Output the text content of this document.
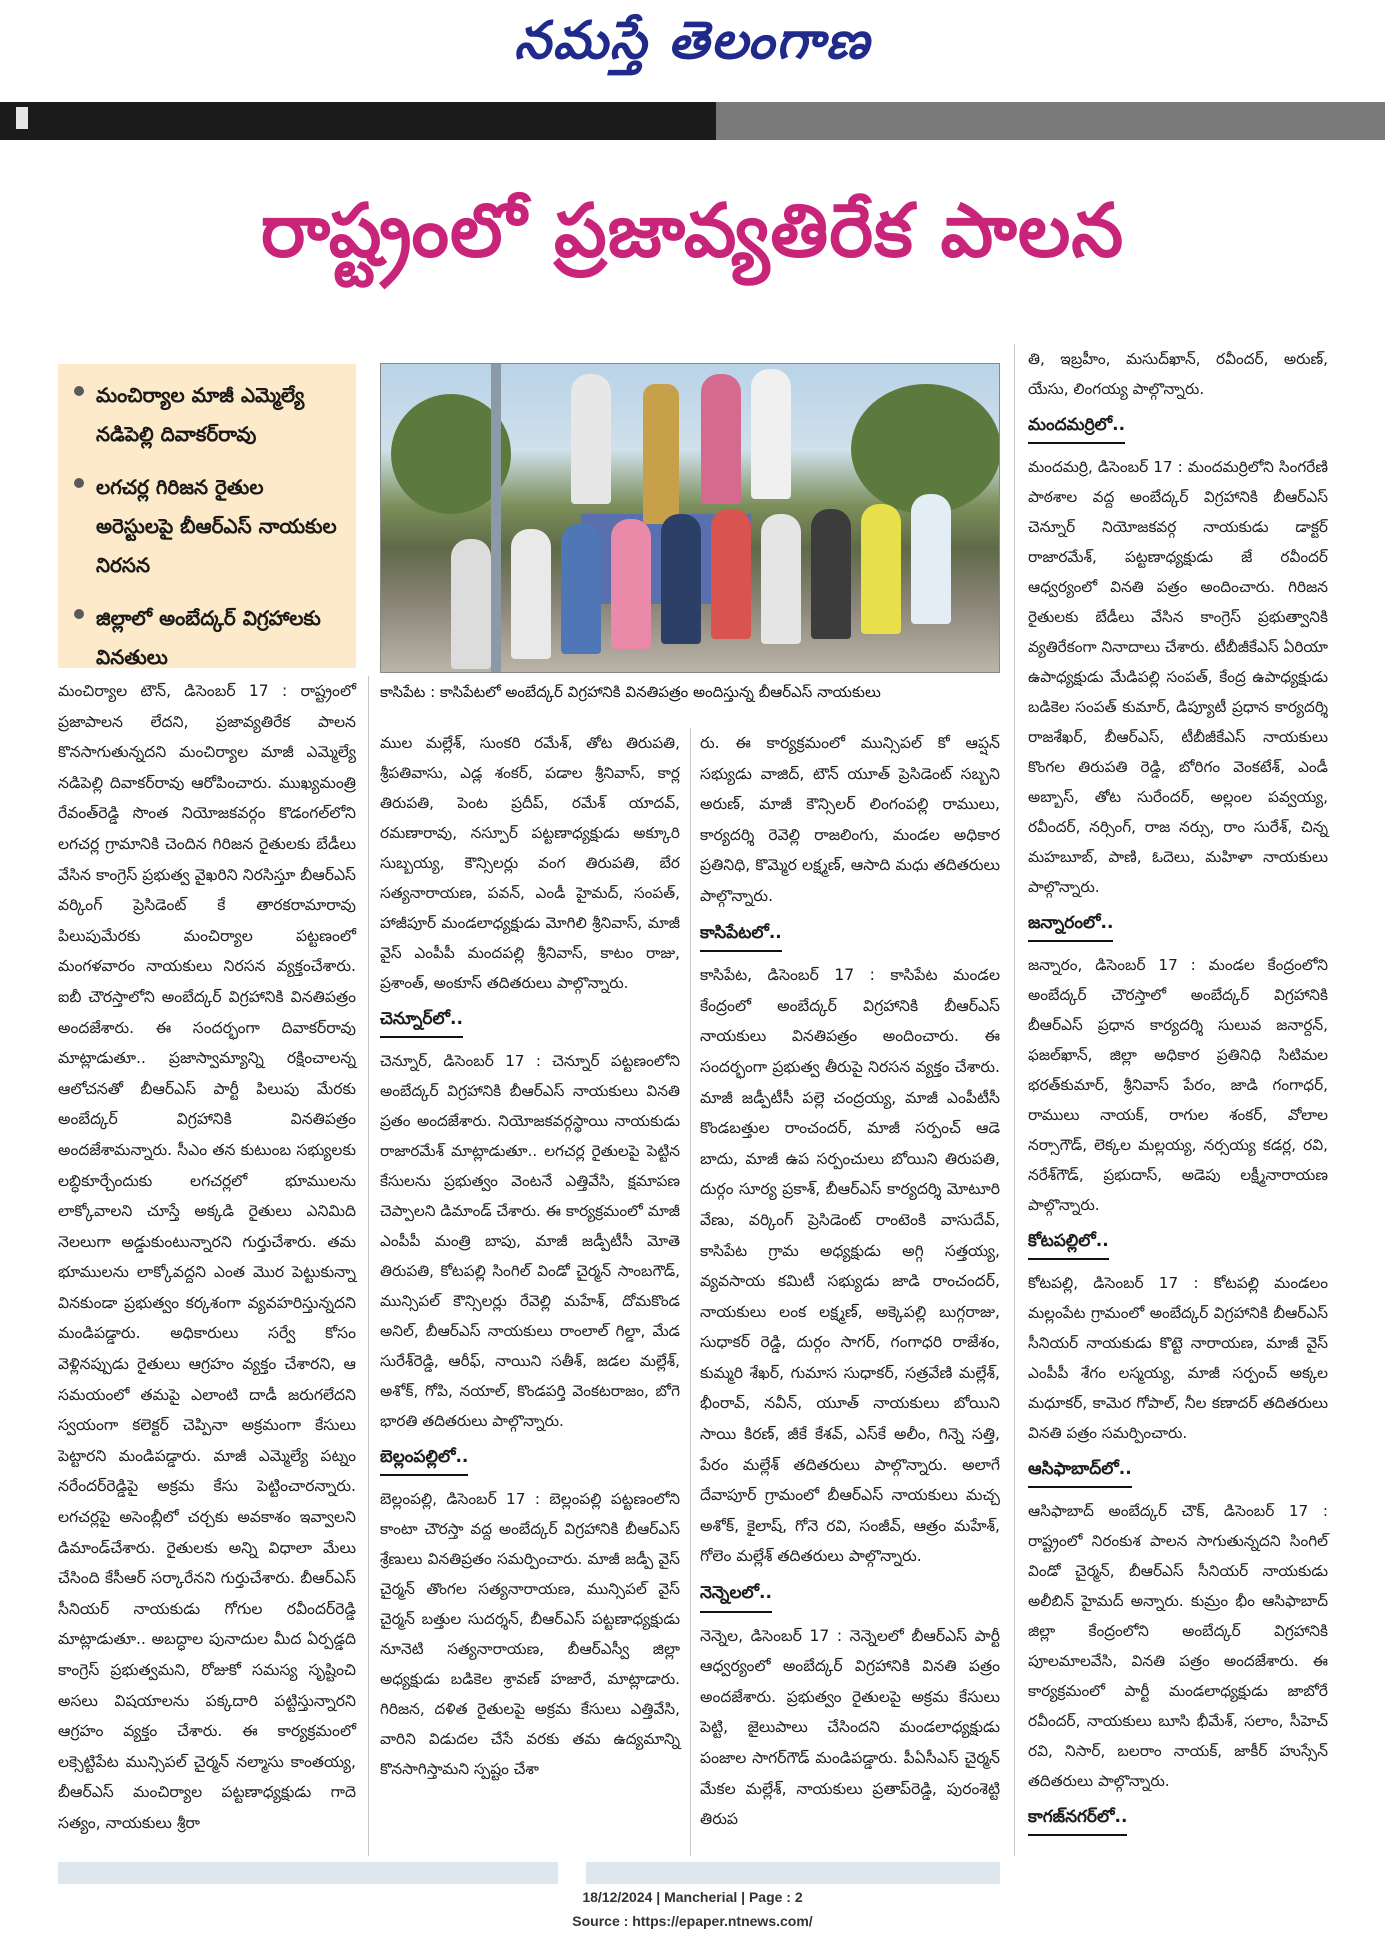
నమస్తే తెలంగాణ
రాష్ట్రంలో ప్రజావ్యతిరేక పాలన
మంచిర్యాల మాజీ ఎమ్మెల్యే నడిపెల్లి దివాకర్‌రావు
లగచర్ల గిరిజన రైతుల అరెస్టులపై బీఆర్‌ఎస్ నాయకుల నిరసన
జిల్లాలో అంబేద్కర్ విగ్రహాలకు వినతులు
కాసిపేట : కాసిపేటలో అంబేద్కర్ విగ్రహానికి వినతిపత్రం అందిస్తున్న బీఆర్‌ఎస్ నాయకులు

మంచిర్యాల టౌన్, డిసెంబర్ 17 : రాష్ట్రంలో ప్రజాపాలన లేదని, ప్రజావ్యతిరేక పాలన కొనసాగుతున్నదని మంచిర్యాల మాజీ ఎమ్మెల్యే నడిపెల్లి దివాకర్‌రావు ఆరోపించారు. ముఖ్యమంత్రి రేవంత్‌రెడ్డి సొంత నియోజకవర్గం కొడంగల్‌లోని లగచర్ల గ్రామానికి చెందిన గిరిజన రైతులకు బేడీలు వేసిన కాంగ్రెస్ ప్రభుత్వ వైఖరిని నిరసిస్తూ బీఆర్‌ఎస్ వర్కింగ్ ప్రెసిడెంట్ కే తారకరామారావు పిలుపుమేరకు మంచిర్యాల పట్టణంలో మంగళవారం నాయకులు నిరసన వ్యక్తంచేశారు. ఐబీ చౌరస్తాలోని అంబేద్కర్ విగ్రహానికి వినతిపత్రం అందజేశారు. ఈ సందర్భంగా దివాకర్‌రావు మాట్లాడుతూ.. ప్రజాస్వామ్యాన్ని రక్షించాలన్న ఆలోచనతో బీఆర్‌ఎస్ పార్టీ పిలుపు మేరకు అంబేద్కర్ విగ్రహానికి వినతిపత్రం అందజేశామన్నారు. సీఎం తన కుటుంబ సభ్యులకు లబ్ధికూర్చేందుకు లగచర్లలో భూములను లాక్కోవాలని చూస్తే అక్కడి రైతులు ఎనిమిది నెలలుగా అడ్డుకుంటున్నారని గుర్తుచేశారు. తమ భూములను లాక్కోవద్దని ఎంత మొర పెట్టుకున్నా వినకుండా ప్రభుత్వం కర్కశంగా వ్యవహరిస్తున్నదని మండిపడ్డారు. అధికారులు సర్వే కోసం వెళ్లినప్పుడు రైతులు ఆగ్రహం వ్యక్తం చేశారని, ఆ సమయంలో తమపై ఎలాంటి దాడీ జరుగలేదని స్వయంగా కలెక్టర్ చెప్పినా అక్రమంగా కేసులు పెట్టారని మండిపడ్డారు. మాజీ ఎమ్మెల్యే పట్నం నరేందర్‌రెడ్డిపై అక్రమ కేసు పెట్టించారన్నారు. లగచర్లపై అసెంబ్లీలో చర్చకు అవకాశం ఇవ్వాలని డిమాండ్‌చేశారు. రైతులకు అన్ని విధాలా మేలు చేసింది కేసీఆర్ సర్కారేనని గుర్తుచేశారు. బీఆర్‌ఎస్ సీనియర్ నాయకుడు గోగుల రవీందర్‌రెడ్డి మాట్లాడుతూ.. అబద్ధాల పునాదుల మీద ఏర్పడ్డది కాంగ్రెస్ ప్రభుత్వమని, రోజుకో సమస్య సృష్టించి అసలు విషయాలను పక్కదారి పట్టిస్తున్నారని ఆగ్రహం వ్యక్తం చేశారు. ఈ కార్యక్రమంలో లక్సెట్టిపేట మున్సిపల్ చైర్మన్ నల్మాసు కాంతయ్య, బీఆర్‌ఎస్ మంచిర్యాల పట్టణాధ్యక్షుడు గాదె సత్యం, నాయకులు శ్రీరా

ముల మల్లేశ్, సుంకరి రమేశ్, తోట తిరుపతి, శ్రీపతివాసు, ఎడ్ల శంకర్, పడాల శ్రీనివాస్, కార్ల తిరుపతి, పెంట ప్రదీప్, రమేశ్ యాదవ్, రమణారావు, నస్పూర్ పట్టణాధ్యక్షుడు అక్కూరి సుబ్బయ్య, కౌన్సిలర్లు వంగ తిరుపతి, బేర సత్యనారాయణ, పవన్, ఎండీ హైమద్, సంపత్, హాజీపూర్ మండలాధ్యక్షుడు మోగిలి శ్రీనివాస్, మాజీ వైస్ ఎంపీపీ మందపల్లి శ్రీనివాస్, కాటం రాజు, ప్రశాంత్, అంకూస్ తదితరులు పాల్గొన్నారు.

చెన్నూర్‌లో..

చెన్నూర్, డిసెంబర్ 17 : చెన్నూర్ పట్టణంలోని అంబేద్కర్ విగ్రహానికి బీఆర్‌ఎస్ నాయకులు వినతి ప్రతం అందజేశారు. నియోజకవర్గస్థాయి నాయకుడు రాజారమేశ్ మాట్లాడుతూ.. లగచర్ల రైతులపై పెట్టిన కేసులను ప్రభుత్వం వెంటనే ఎత్తివేసి, క్షమాపణ చెప్పాలని డిమాండ్ చేశారు. ఈ కార్యక్రమంలో మాజీ ఎంపీపీ మంత్రి బాపు, మాజీ జడ్పీటీసీ మోతె తిరుపతి, కోటపల్లి సింగిల్ విండో చైర్మన్ సాంబగౌడ్, మున్సిపల్ కౌన్సిలర్లు రేవెల్లి మహేశ్, దోమకొండ అనిల్, బీఆర్‌ఎస్ నాయకులు రాంలాల్ గిల్డా, మేడ సురేశ్‌రెడ్డి, ఆరీఫ్, నాయిని సతీశ్, జడల మల్లేశ్, అశోక్, గోపి, నయాల్, కొండపర్తి వెంకటరాజం, బోగె భారతి తదితరులు పాల్గొన్నారు.

బెల్లంపల్లిలో..

బెల్లంపల్లి, డిసెంబర్ 17 : బెల్లంపల్లి పట్టణంలోని కాంటా చౌరస్తా వద్ద అంబేద్కర్ విగ్రహానికి బీఆర్‌ఎస్ శ్రేణులు వినతిప్రతం సమర్పించారు. మాజీ జడ్పీ వైస్ చైర్మన్ తొంగల సత్యనారాయణ, మున్సిపల్ వైస్ చైర్మన్ బత్తుల సుదర్శన్, బీఆర్‌ఎస్ పట్టణాధ్యక్షుడు నూనెటి సత్యనారాయణ, బీఆర్‌ఎస్వీ జిల్లా అధ్యక్షుడు బడికెల శ్రావణ్ హజారే, మాట్లాడారు. గిరిజన, దళిత రైతులపై అక్రమ కేసులు ఎత్తివేసి, వారిని విడుదల చేసే వరకు తమ ఉద్యమాన్ని కొనసాగిస్తామని స్పష్టం చేశా

రు. ఈ కార్యక్రమంలో మున్సిపల్ కో ఆప్షన్ సభ్యుడు వాజిద్, టౌన్ యూత్ ప్రెసిడెంట్ సబ్బని అరుణ్, మాజీ కౌన్సిలర్ లింగంపల్లి రాములు, కార్యదర్శి రెవెల్లి రాజలింగు, మండల అధికార ప్రతినిధి, కొమ్మెర లక్ష్మణ్, ఆసాది మధు తదితరులు పాల్గొన్నారు.

కాసిపేటలో..

కాసిపేట, డిసెంబర్ 17 : కాసిపేట మండల కేంద్రంలో అంబేద్కర్ విగ్రహానికి బీఆర్‌ఎస్ నాయకులు వినతిపత్రం అందించారు. ఈ సందర్భంగా ప్రభుత్వ తీరుపై నిరసన వ్యక్తం చేశారు. మాజీ జడ్పీటీసీ పల్లె చంద్రయ్య, మాజీ ఎంపీటీసీ కొండబత్తుల రాంచందర్, మాజీ సర్పంచ్ ఆడె బాదు, మాజీ ఉప సర్పంచులు బోయిని తిరుపతి, దుర్గం సూర్య ప్రకాశ్, బీఆర్‌ఎస్ కార్యదర్శి మోటూరి వేణు, వర్కింగ్ ప్రెసిడెంట్ రాంటెంకి వాసుదేవ్, కాసిపేట గ్రామ అధ్యక్షుడు అగ్గి సత్తయ్య, వ్యవసాయ కమిటీ సభ్యుడు జాడి రాంచందర్, నాయకులు లంక లక్ష్మణ్, అక్కెపల్లి బుగ్గరాజు, సుధాకర్ రెడ్డి, దుర్గం సాగర్, గంగాధరి రాజేశం, కుమ్మరి శేఖర్, గుమాస సుధాకర్, సత్రవేణి మల్లేశ్, భీంరావ్, నవీన్, యూత్ నాయకులు బోయిని సాయి కిరణ్, జీకే కేశవ్, ఎస్‌కే అలీం, గిన్నె సత్తి, పేరం మల్లేశ్ తదితరులు పాల్గొన్నారు. అలాగే దేవాపూర్ గ్రామంలో బీఆర్‌ఎస్ నాయకులు మచ్చ అశోక్, కైలాష్, గోనె రవి, సంజీవ్, ఆత్రం మహేశ్, గోలెం మల్లేశ్ తదితరులు పాల్గొన్నారు.

నెన్నెలలో..

నెన్నెల, డిసెంబర్ 17 : నెన్నెలలో బీఆర్‌ఎస్ పార్టీ ఆధ్వర్యంలో అంబేద్కర్ విగ్రహానికి వినతి పత్రం అందజేశారు. ప్రభుత్వం రైతులపై అక్రమ కేసులు పెట్టి, జైలుపాలు చేసిందని మండలాధ్యక్షుడు పంజాల సాగర్‌గౌడ్ మండిపడ్డారు. పీఏసీఎస్ చైర్మన్ మేకల మల్లేశ్, నాయకులు ప్రతాప్‌రెడ్డి, పురంశెట్టి తిరుప

తి, ఇబ్రహీం, మసుద్‌ఖాన్, రవీందర్, అరుణ్, యేసు, లింగయ్య పాల్గొన్నారు.

మందమర్రిలో..

మందమర్రి, డిసెంబర్ 17 : మందమర్రిలోని సింగరేణి పాఠశాల వద్ద అంబేద్కర్ విగ్రహానికి బీఆర్‌ఎస్ చెన్నూర్ నియోజకవర్గ నాయకుడు డాక్టర్ రాజారమేశ్, పట్టణాధ్యక్షుడు జే రవీందర్ ఆధ్వర్యంలో వినతి పత్రం అందించారు. గిరిజన రైతులకు బేడీలు వేసిన కాంగ్రెస్ ప్రభుత్వానికి వ్యతిరేకంగా నినాదాలు చేశారు. టీబీజీకేఎస్ ఏరియా ఉపాధ్యక్షుడు మేడిపల్లి సంపత్, కేంద్ర ఉపాధ్యక్షుడు బడికెల సంపత్ కుమార్, డిప్యూటీ ప్రధాన కార్యదర్శి రాజశేఖర్, బీఆర్‌ఎస్, టీబీజీకేఎస్ నాయకులు కొంగల తిరుపతి రెడ్డి, బోరిగం వెంకటేశ్, ఎండీ అబ్బాస్, తోట సురేందర్, అల్లంల పవ్వయ్య, రవీందర్, నర్సింగ్, రాజ నర్సు, రాం సురేశ్, చిన్న మహబూబ్, పాణి, ఓదెలు, మహిళా నాయకులు పాల్గొన్నారు.

జన్నారంలో..

జన్నారం, డిసెంబర్ 17 : మండల కేంద్రంలోని అంబేద్కర్ చౌరస్తాలో అంబేద్కర్ విగ్రహానికి బీఆర్‌ఎస్ ప్రధాన కార్యదర్శి సులువ జనార్దన్, ఫజల్‌ఖాన్, జిల్లా అధికార ప్రతినిధి సిటిమల భరత్‌కుమార్, శ్రీనివాస్ పేరం, జాడి గంగాధర్, రాములు నాయక్, రాగుల శంకర్, వోలాల నర్సాగౌడ్, లెక్కల మల్లయ్య, నర్సయ్య కడర్ల, రవి, నరేశ్‌గౌడ్, ప్రభుదాస్, అడెపు లక్ష్మీనారాయణ పాల్గొన్నారు.

కోటపల్లిలో..

కోటపల్లి, డిసెంబర్ 17 : కోటపల్లి మండలం మల్లంపేట గ్రామంలో అంబేద్కర్ విగ్రహానికి బీఆర్‌ఎస్ సీనియర్ నాయకుడు కొట్టె నారాయణ, మాజీ వైస్ ఎంపీపీ శేగం లస్మయ్య, మాజీ సర్పంచ్ అక్కల మధూకర్, కామెర గోపాల్, నీల కణాదర్ తదితరులు వినతి పత్రం సమర్పించారు.

ఆసిఫాబాద్‌లో..

ఆసిఫాబాద్ అంబేద్కర్ చౌక్, డిసెంబర్ 17 : రాష్ట్రంలో నిరంకుశ పాలన సాగుతున్నదని సింగిల్ విండో చైర్మన్, బీఆర్‌ఎస్ సీనియర్ నాయకుడు అలీబిన్ హైమద్ అన్నారు. కుమ్రం భీం ఆసిఫాబాద్ జిల్లా కేంద్రంలోని అంబేద్కర్ విగ్రహానికి పూలమాలవేసి, వినతి పత్రం అందజేశారు. ఈ కార్యక్రమంలో పార్టీ మండలాధ్యక్షుడు జాబోరే రవీందర్, నాయకులు బూసి భీమేశ్, సలాం, సీహెచ్ రవి, నిసార్, బలరాం నాయక్, జాకీర్ హుస్సేన్ తదితరులు పాల్గొన్నారు.

కాగజ్‌నగర్‌లో..
18/12/2024 | Mancherial | Page : 2
Source : https://epaper.ntnews.com/
